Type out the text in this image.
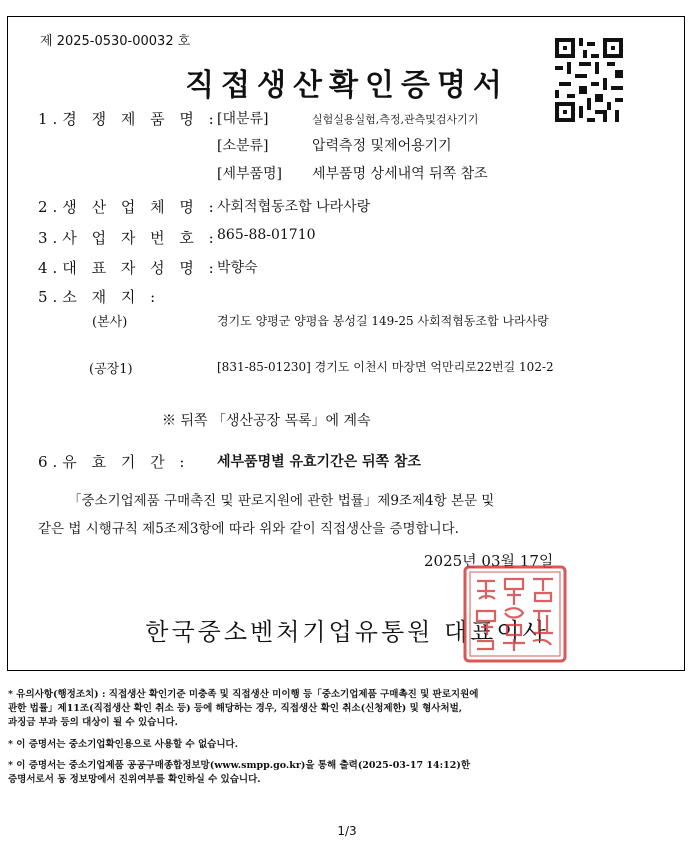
제 2025-0530-00032 호
직접생산확인증명서
1.경 쟁 제 품 명 :
[대분류]	실험실용실험,측정,관측및검사기기
[소분류]	압력측정 및제어용기기
[세부품명] 세부품명 상세내역 뒤쪽 참조
2.생 산 업 체 명 :
사회적협동조합 나라사랑
3.사 업 자 번 호 :
865-88-01710
4.대 표 자 성 명 :
박향숙
5.소 재 지 :
(본사)	경기도 양평군 양평읍 봉성길 149-25 사회적협동조합 나라사랑
(공장1)	[831-85-01230] 경기도 이천시 마장면 억만리로22번길 102-2
※ 뒤쪽 「생산공장 목록」에 계속
6.유 효 기 간 : 세부품명별 유효기간은 뒤쪽 참조
「중소기업제품 구매촉진 및 판로지원에 관한 법률」제9조제4항 본문 및
같은 법 시행규칙 제5조제3항에 따라 위와 같이 직접생산을 증명합니다.
2025년 03월 17일
한국중소벤처기업유통원 대표이사
* 유의사항(행정조치) : 직접생산 확인기준 미충족 및 직접생산 미이행 등「중소기업제품 구매촉진 및 판로지원에
관한 법률」제11조(직접생산 확인 취소 등) 등에 해당하는 경우, 직접생산 확인 취소(신청제한) 및 형사처벌,
과징금 부과 등의 대상이 될 수 있습니다.
* 이 증명서는 중소기업확인용으로 사용할 수 없습니다.
* 이 증명서는 중소기업제품 공공구매종합정보망(www.smpp.go.kr)을 통해 출력(2025-03-17 14:12)한
증명서로서 동 정보망에서 진위여부를 확인하실 수 있습니다.
1/3
